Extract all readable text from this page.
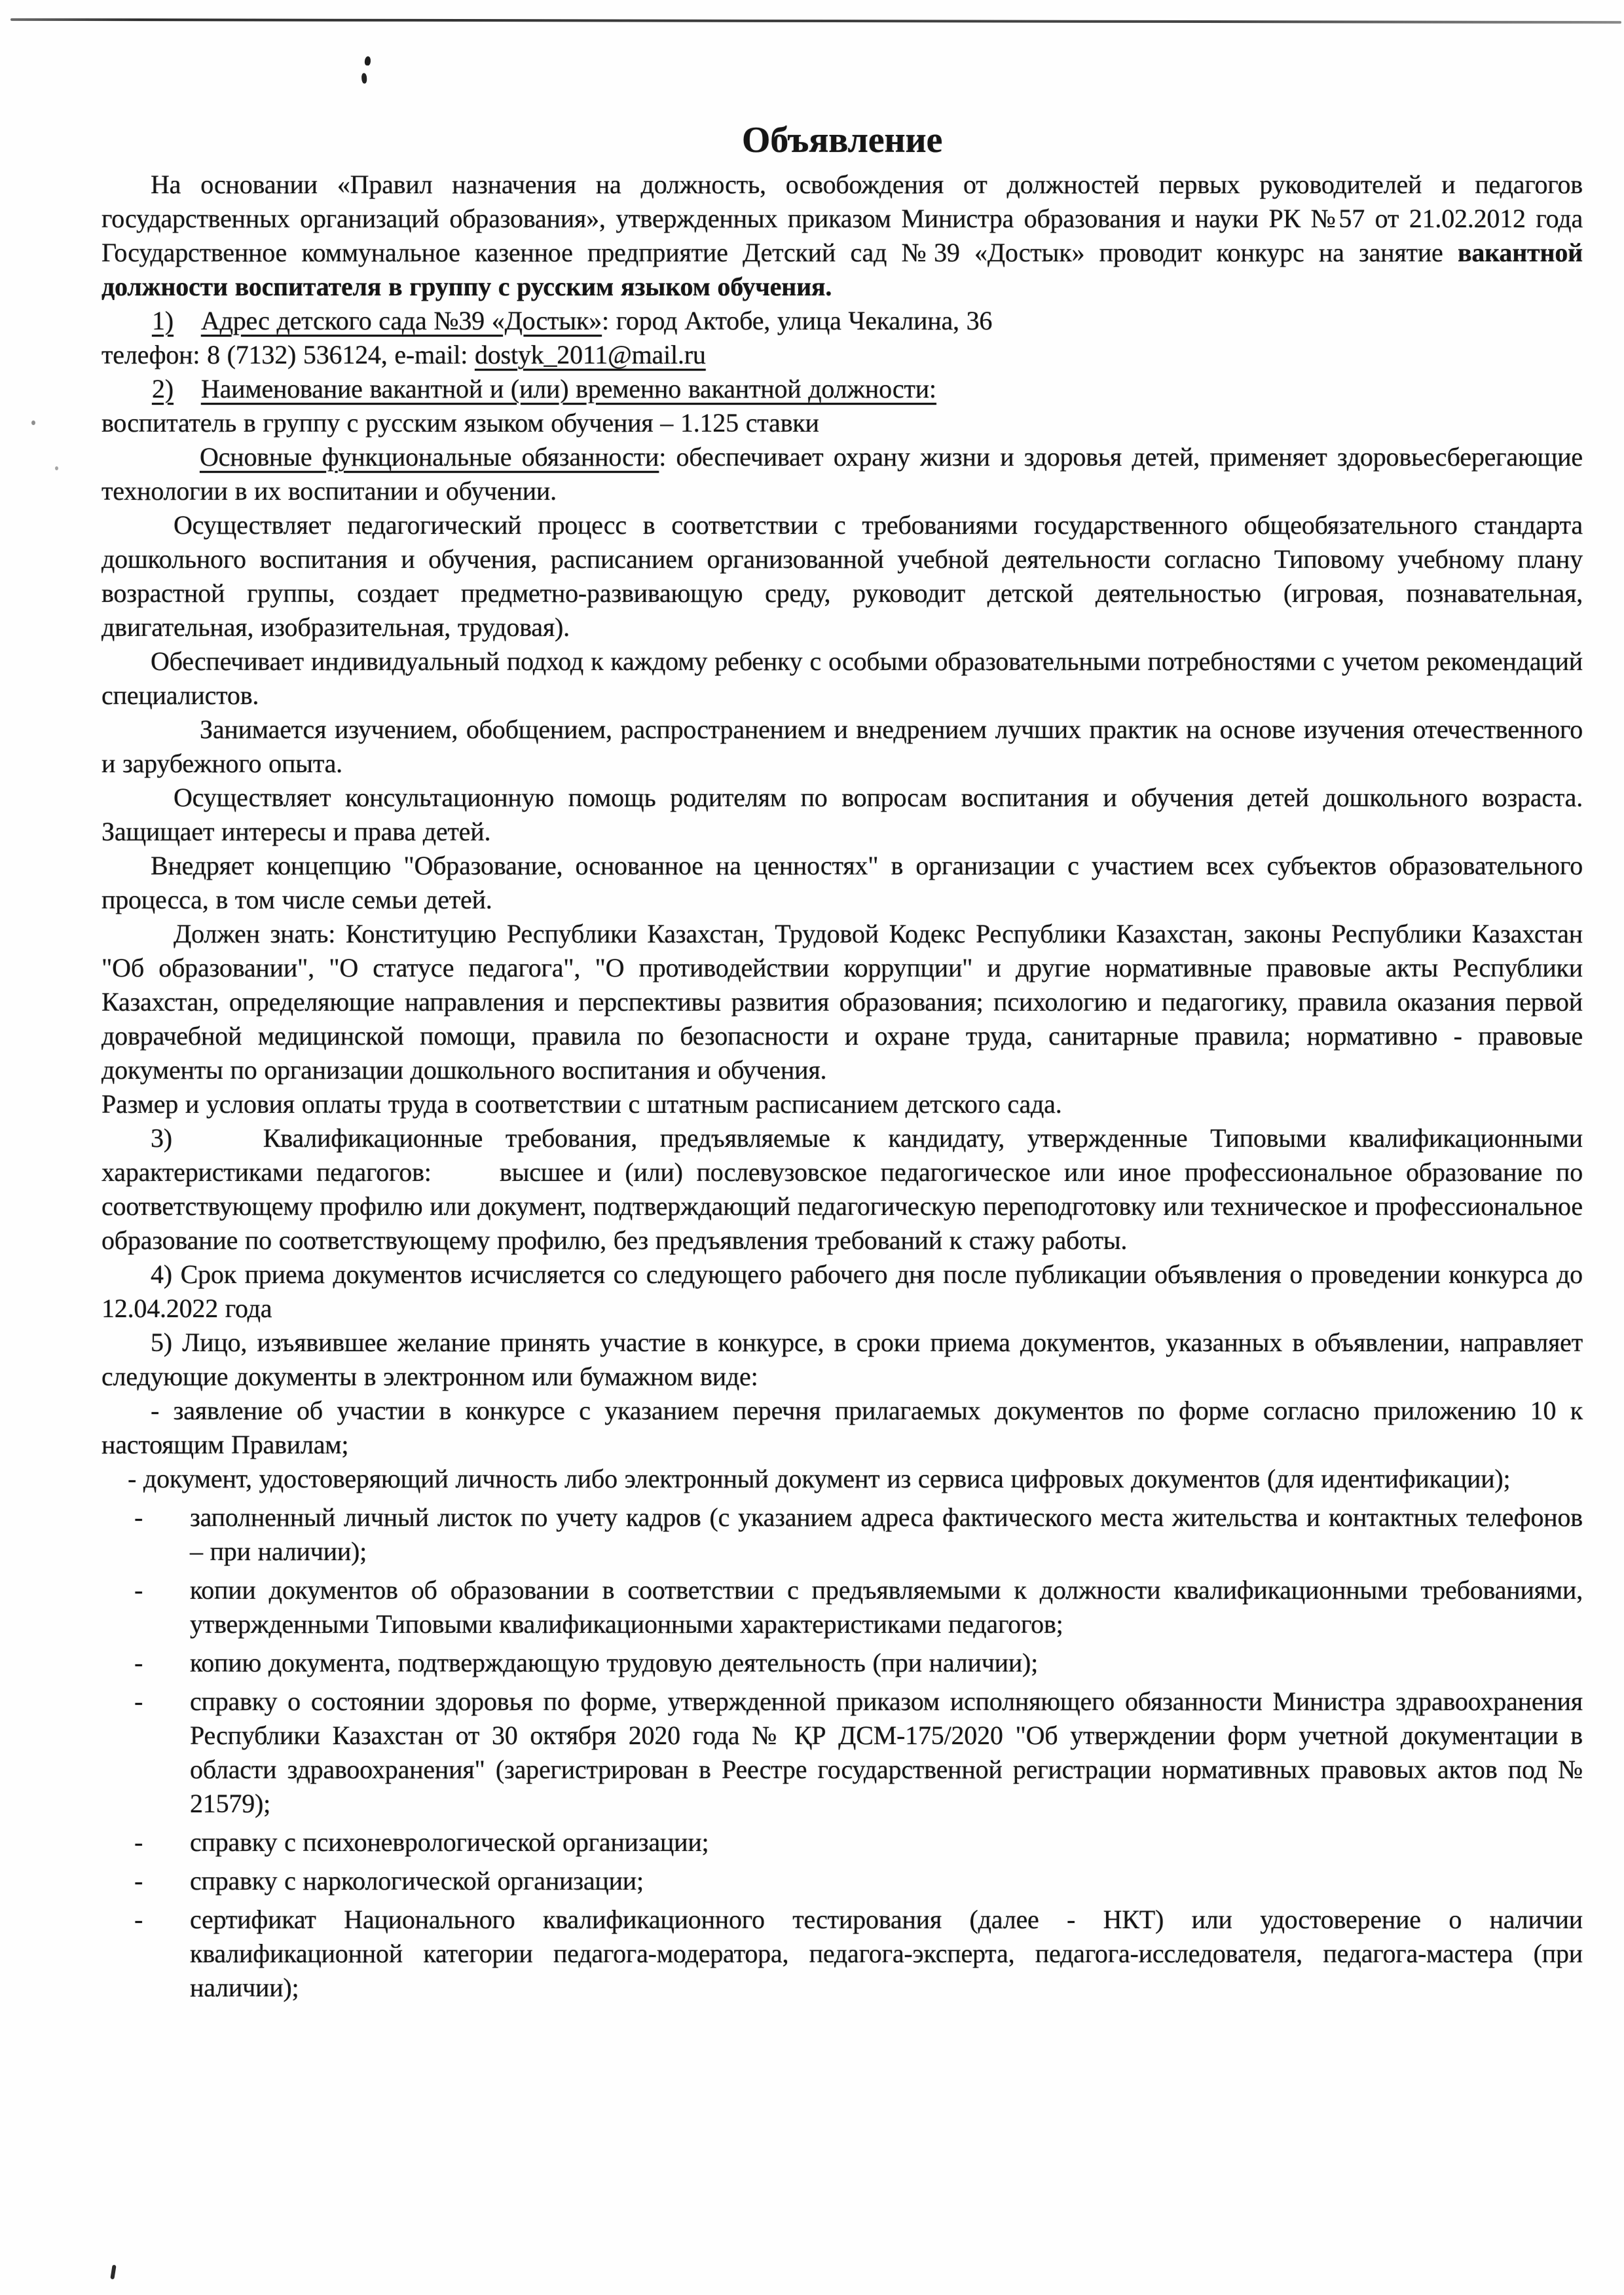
Объявление

На основании «Правил назначения на должность, освобождения от должностей первых руководителей и педагогов государственных организаций образования», утвержденных приказом Министра образования и науки РК №57 от 21.02.2012 года Государственное коммунальное казенное предприятие Детский сад №39 «Достык» проводит конкурс на занятие вакантной должности воспитателя в группу с русским языком обучения.

1) Адрес детского сада №39 «Достык»: город Актобе, улица Чекалина, 36

телефон: 8 (7132) 536124, e-mail: dostyk_2011@mail.ru

2) Наименование вакантной и (или) временно вакантной должности:

воспитатель в группу с русским языком обучения – 1.125 ставки

Основные функциональные обязанности: обеспечивает охрану жизни и здоровья детей, применяет здоровьесберегающие технологии в их воспитании и обучении.

Осуществляет педагогический процесс в соответствии с требованиями государственного общеобязательного стандарта дошкольного воспитания и обучения, расписанием организованной учебной деятельности согласно Типовому учебному плану возрастной группы, создает предметно-развивающую среду, руководит детской деятельностью (игровая, познавательная, двигательная, изобразительная, трудовая).

Обеспечивает индивидуальный подход к каждому ребенку с особыми образовательными потребностями с учетом рекомендаций специалистов.

Занимается изучением, обобщением, распространением и внедрением лучших практик на основе изучения отечественного и зарубежного опыта.

Осуществляет консультационную помощь родителям по вопросам воспитания и обучения детей дошкольного возраста. Защищает интересы и права детей.

Внедряет концепцию "Образование, основанное на ценностях" в организации с участием всех субъектов образовательного процесса, в том числе семьи детей.

Должен знать: Конституцию Республики Казахстан, Трудовой Кодекс Республики Казахстан, законы Республики Казахстан "Об образовании", "О статусе педагога", "О противодействии коррупции" и другие нормативные правовые акты Республики Казахстан, определяющие направления и перспективы развития образования; психологию и педагогику, правила оказания первой доврачебной медицинской помощи, правила по безопасности и охране труда, санитарные правила; нормативно - правовые документы по организации дошкольного воспитания и обучения.

Размер и условия оплаты труда в соответствии с штатным расписанием детского сада.

3)    Квалификационные требования, предъявляемые к кандидату, утвержденные Типовыми квалификационными характеристиками педагогов:     высшее и (или) послевузовское педагогическое или иное профессиональное образование по соответствующему профилю или документ, подтверждающий педагогическую переподготовку или техническое и профессиональное образование по соответствующему профилю, без предъявления требований к стажу работы.

4) Срок приема документов исчисляется со следующего рабочего дня после публикации объявления о проведении конкурса до 12.04.2022 года

5) Лицо, изъявившее желание принять участие в конкурсе, в сроки приема документов, указанных в объявлении, направляет следующие документы в электронном или бумажном виде:

- заявление об участии в конкурсе с указанием перечня прилагаемых документов по форме согласно приложению 10 к настоящим Правилам;

- документ, удостоверяющий личность либо электронный документ из сервиса цифровых документов (для идентификации);

- заполненный личный листок по учету кадров (с указанием адреса фактического места жительства и контактных телефонов – при наличии);
- копии документов об образовании в соответствии с предъявляемыми к должности квалификационными требованиями, утвержденными Типовыми квалификационными характеристиками педагогов;
- копию документа, подтверждающую трудовую деятельность (при наличии);
- справку о состоянии здоровья по форме, утвержденной приказом исполняющего обязанности Министра здравоохранения Республики Казахстан от 30 октября 2020 года № ҚР ДСМ-175/2020 "Об утверждении форм учетной документации в области здравоохранения" (зарегистрирован в Реестре государственной регистрации нормативных правовых актов под № 21579);
- справку с психоневрологической организации;
- справку с наркологической организации;
- сертификат Национального квалификационного тестирования (далее - НКТ) или удостоверение о наличии квалификационной категории педагога-модератора, педагога-эксперта, педагога-исследователя, педагога-мастера (при наличии);
